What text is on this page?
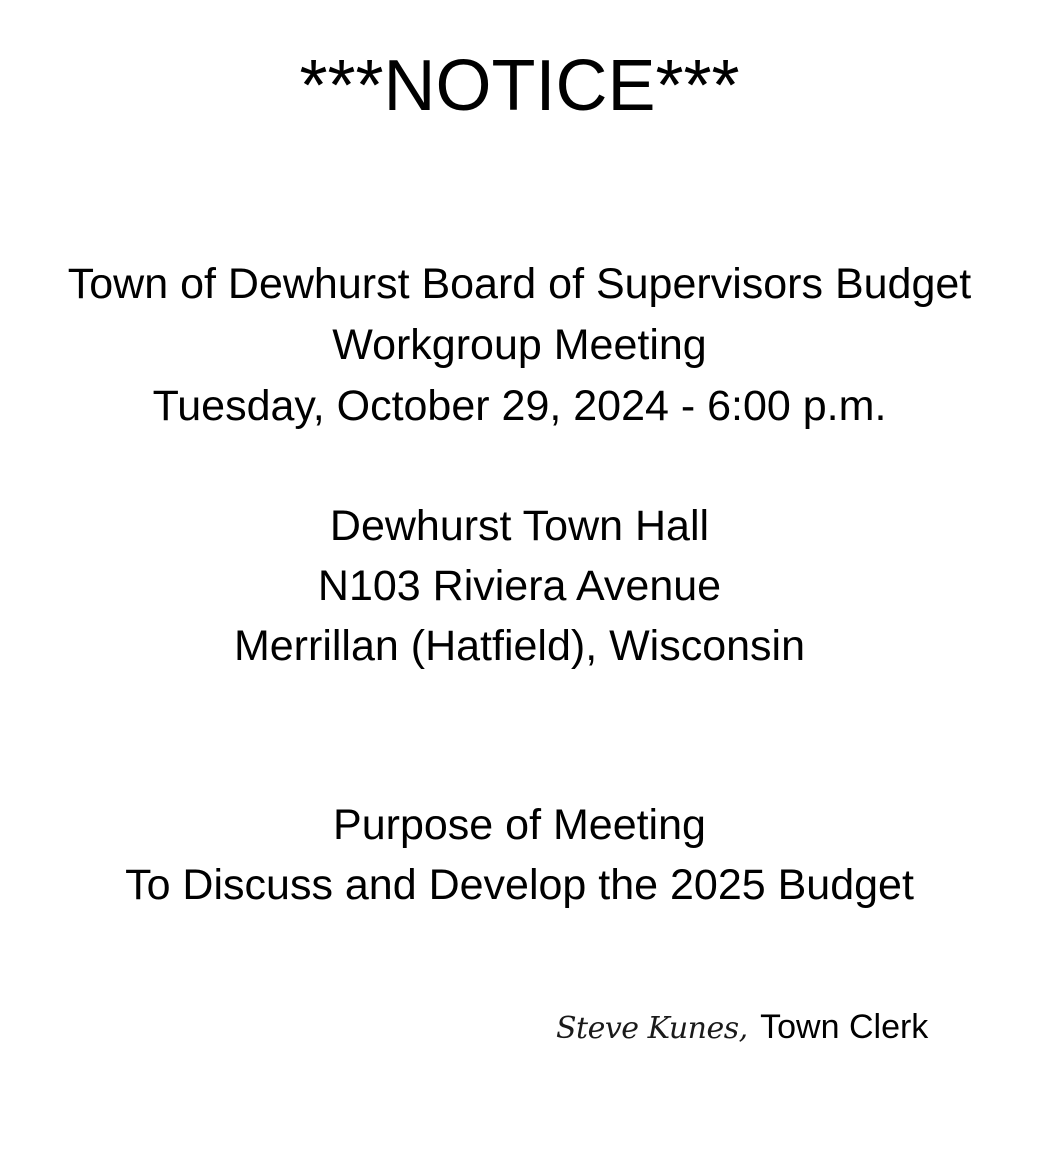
***NOTICE***
Town of Dewhurst Board of Supervisors Budget
Workgroup Meeting
Tuesday, October 29, 2024 - 6:00 p.m.
Dewhurst Town Hall
N103 Riviera Avenue
Merrillan (Hatfield), Wisconsin
Purpose of Meeting
To Discuss and Develop the 2025 Budget
Steve Kunes, Town Clerk
